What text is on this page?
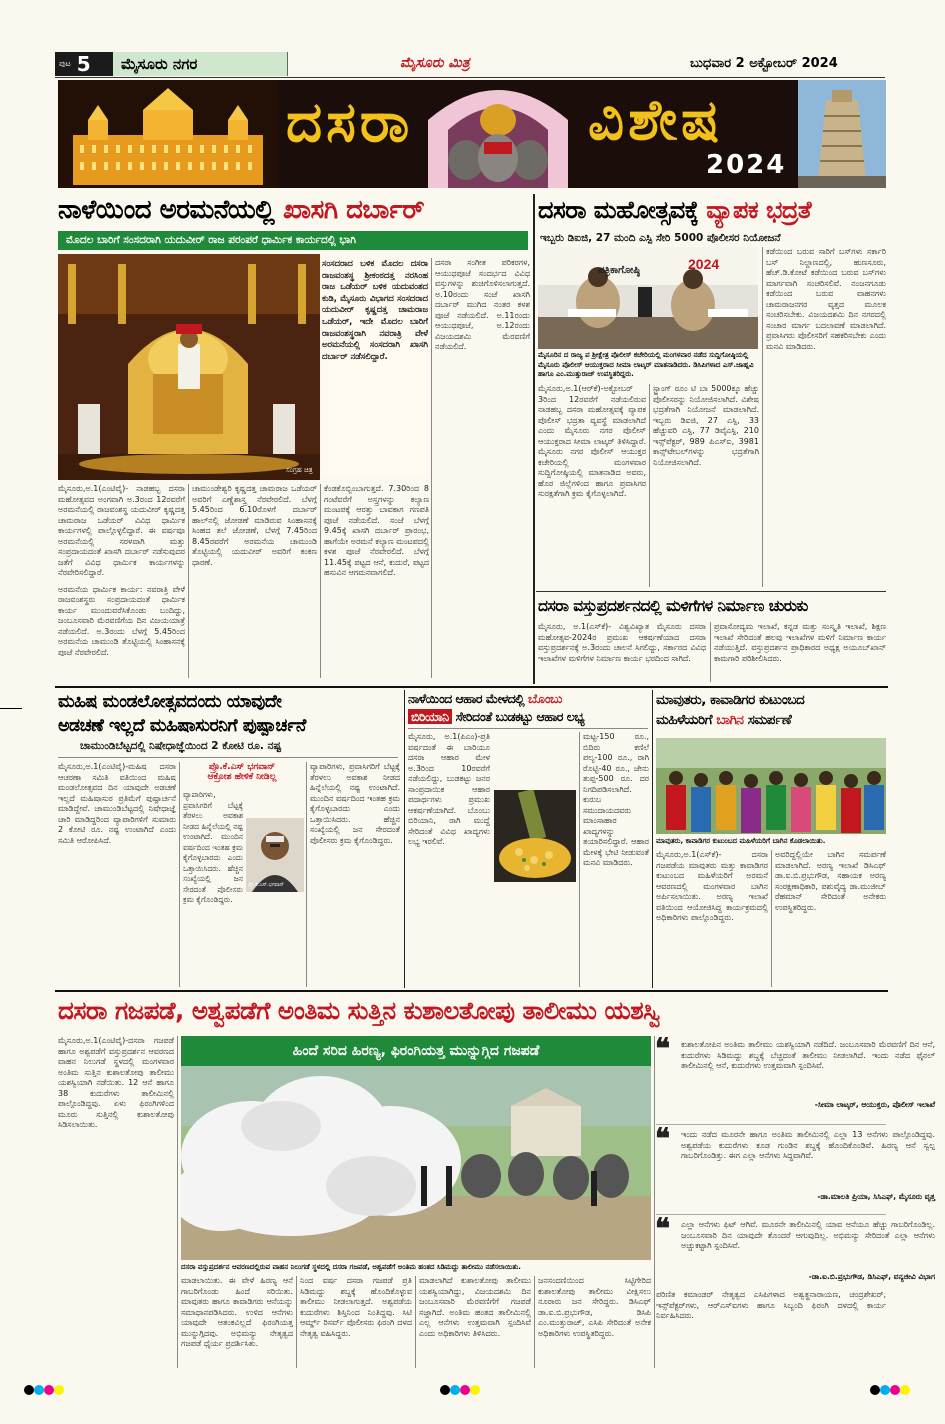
ಪುಟ 5 ಮೈಸೂರು ನಗರ	ಮೈಸೂರು ಮಿತ್ರ	ಬುಧವಾರ 2 ಅಕ್ಟೋಬರ್ 2024
ದಸರಾ	ವಿಶೇಷ
2024
ನಾಳೆಯಿಂದ ಅರಮನೆಯಲ್ಲಿ ಖಾಸಗಿ ದರ್ಬಾರ್
ಮೊದಲ ಬಾರಿಗೆ ಸಂಸದರಾಗಿ ಯದುವೀರ್ ರಾಜ ಪರಂಪರೆ ಧಾರ್ಮಿಕ ಕಾರ್ಯದಲ್ಲಿ ಭಾಗಿ
ಸಂಗ್ರಹ ಚಿತ್ರ
ಸಂಸದರಾದ ಬಳಿಕ ಮೊದಲ ದಸರಾ ರಾಜವಂಶಸ್ಥ ಶ್ರೀಕಂಠದತ್ತ ನರಸಿಂಹ ರಾಜ ಒಡೆಯರ್ ಬಳಿಕ ಯದುವಂಶದ ಕುಡಿ, ಮೈಸೂರು ವಿಭಾಗದ ಸಂಸದರಾದ ಯದುವೀರ್ ಕೃಷ್ಣದತ್ತ ಚಾಮರಾಜ ಒಡೆಯರ್, ಇದೇ ಮೊದಲ ಬಾರಿಗೆ ರಾಜವಂಶಸ್ಥರಾಗಿ ನವರಾತ್ರಿ ವೇಳೆ ಅರಮನೆಯಲ್ಲಿ ಸಂಸದರಾಗಿ ಖಾಸಗಿ ದರ್ಬಾರ್ ನಡೆಸಲಿದ್ದಾರೆ.
ದಸರಾ ಸಂಗೀತ ಪರಿಕರಗಳ, ಆಯುಧಪೂಜೆ ಸಂದರ್ಭದ ವಿವಿಧ ವಸ್ತುಗಳನ್ನು ಶುಚಿಗೊಳಿಸಲಾಗುತ್ತದೆ. ಅ.10ರಂದು ಸಂಜೆ ಖಾಸಗಿ ದರ್ಬಾರ್ ಮುಗಿದ ನಂತರ ಕಳಶ ಪೂಜೆ ನಡೆಯಲಿದೆ. ಅ.11ರಂದು ಆಯುಧಪೂಜೆ, ಅ.12ರಂದು ವಿಜಯದಶಮಿ ಮೆರವಣಿಗೆ ನಡೆಯಲಿದೆ.

ಮೈಸೂರು,ಅ.1(ಎಂಟಿವೈ)- ನಾಡಹಬ್ಬ ದಸರಾ ಮಹೋತ್ಸವದ ಅಂಗವಾಗಿ ಅ.3ರಂದ 12ರವರೆಗೆ ಅರಮನೆಯಲ್ಲಿ ರಾಜವಂಶಸ್ಥ ಯದುವೀರ್ ಕೃಷ್ಣದತ್ತ ಚಾಮರಾಜ ಒಡೆಯರ್ ವಿವಿಧ ಧಾರ್ಮಿಕ ಕಾರ್ಯಗಳಲ್ಲಿ ಪಾಲ್ಗೊಳ್ಳಲಿದ್ದಾರೆ. ಈ ವರ್ಷವೂ ಅರಮನೆಯಲ್ಲಿ ಸರಳವಾಗಿ ಮತ್ತು ಸಂಪ್ರದಾಯದಂತೆ ಖಾಸಗಿ ದರ್ಬಾರ್ ನಡೆಸುವುದರ ಜತೆಗೆ ವಿವಿಧ ಧಾರ್ಮಿಕ ಕಾರ್ಯಗಳನ್ನು ನೆರವೇರಿಸಲಿದ್ದಾರೆ.

ಅರಮನೆಯ ಧಾರ್ಮಿಕ ಕಾರ್ಯ: ನವರಾತ್ರಿ ವೇಳೆ ರಾಜವಂಶಸ್ಥರು ಸಂಪ್ರದಾಯದಂತೆ ಧಾರ್ಮಿಕ ಕಾರ್ಯ ಮುಂದುವರೆಸಿಕೊಂಡು ಬಂದಿದ್ದು, ಜಂಬೂಸವಾರಿ ಮೆರವಣಿಗೆಯ ದಿನ ವಿಜಯಯಾತ್ರೆ ನಡೆಯಲಿದೆ. ಅ.3ರಂದು ಬೆಳಗ್ಗೆ 5.45ರಿಂದ ಅರಮನೆಯ ಚಾಮುಂಡಿ ತೊಟ್ಟಿಯಲ್ಲಿ ಸಿಂಹಾಸನಕ್ಕೆ ಪೂಜೆ ನೆರವೇರಲಿದೆ.

ಚಾಮುಂಡೇಶ್ವರಿ ಕೃಷ್ಣದತ್ತ ಚಾಮರಾಜ ಒಡೆಯರ್ ಅವರಿಗೆ ಎಣ್ಣೆಶಾಸ್ತ್ರ ನೆರವೇರಲಿದೆ. ಬೆಳಗ್ಗೆ 5.45ರಿಂದ 6.10ರೊಳಗೆ ದರ್ಬಾರ್ ಹಾಲ್‌ನಲ್ಲಿ ಜೋಡಣೆ ಮಾಡಿರುವ ಸಿಂಹಾಸನಕ್ಕೆ ಸಿಂಹದ ತಲೆ ಜೋಡಣೆ, ಬೆಳಗ್ಗೆ 7.45ರಿಂದ 8.45ರವರೆಗೆ ಅರಮನೆಯ ಚಾಮುಂಡಿ ತೊಟ್ಟಿಯಲ್ಲಿ ಯದುವೀರ್ ಅವರಿಗೆ ಕಂಕಣ ಧಾರಣೆ.
ಕೆಂಡಕೊಬ್ಬಿಂಬಾಗುತ್ತದೆ. 7.30ರಿಂದ 8 ಗಂಟೆವರೆಗೆ ಅಸ್ತ್ರಗಳನ್ನು ಕಲ್ಯಾಣ ಮಂಟಪಕ್ಕೆ ಆರತ್ತು ಬಾವಕಾಗ ಗಣಪತಿ ಪೂಜೆ ನಡೆಯಲಿದೆ. ಸಂಜೆ ಬೆಳಗ್ಗೆ 9.45ಕ್ಕೆ ಖಾಸಗಿ ದರ್ಬಾರ್ ಪ್ರಾರಂಭ, ಹಾಗೆಯೇ ಅರಮನೆ ಕಲ್ಯಾಣ ಮಂಟಪದಲ್ಲಿ ಕಳಶ ಪೂಜೆ ನೆರವೇರಲಿದೆ. ಬೆಳಗ್ಗೆ 11.45ಕ್ಕೆ ಪಟ್ಟದ ಆನೆ, ಕುದುರೆ, ಪಟ್ಟದ ಹಸುವಿನ ಆಗಮನವಾಗಲಿದೆ.
ದಸರಾ ಮಹೋತ್ಸವಕ್ಕೆ ವ್ಯಾಪಕ ಭದ್ರತೆ
ಇಬ್ಬರು ಡಿಐಜಿ, 27 ಮಂದಿ ಎಸ್ಪಿ ಸೇರಿ 5000 ಪೊಲೀಸರ ನಿಯೋಜನೆ
2024
ಪತ್ರಿಕಾಗೋಷ್ಠಿ
ಮೈಸೂರಿನ ದ ರಾಜ್ಯ ಪ ಶ್ರೀಕ್ಷೇತ್ರ ಪೊಲೀಸ್ ಕಚೇರಿಯಲ್ಲಿ ಮಂಗಳವಾರ ನಡೆದ ಸುದ್ದಿಗೋಷ್ಠಿಯಲ್ಲಿ ಮೈಸೂರು ಪೊಲೀಸ್ ಆಯುಕ್ತರಾದ ಸೀಮಾ ಲಾಟ್ಕರ್ ಮಾತನಾಡಿದರು. ಡಿಸಿಪಿಗಳಾದ ಎಸ್.ಜಾಹ್ನವಿ ಹಾಗೂ ಎಂ.ಮುತ್ತುರಾಜ್ ಉಪಸ್ಥಿತರಿದ್ದರು.
ಕಡೆಯಿಂದ ಬರುವ ಸಾರಿಗೆ ಬಸ್‌ಗಳು ಸರ್ಕಾರಿ ಬಸ್ ನಿಲ್ದಾಣದಲ್ಲಿ, ಹುಣಸೂರು, ಹೆಚ್.ಡಿ.ಕೋಟೆ ಕಡೆಯಿಂದ ಬರುವ ಬಸ್‌ಗಳು ಮಾರ್ಗವಾಗಿ ಸಂಚರಿಸಲಿವೆ. ನಂಜನಗೂಡು ಕಡೆಯಿಂದ ಬರುವ ವಾಹನಗಳು ಚಾಮರಾಜನಗರ ವೃತ್ತದ ಮೂಲಕ ಸಂಚರಿಸಬೇಕು. ವಿಜಯದಶಮಿ ದಿನ ನಗರದಲ್ಲಿ ಸಂಚಾರ ಮಾರ್ಗ ಬದಲಾವಣೆ ಮಾಡಲಾಗಿದೆ. ಪ್ರವಾಸಿಗರು ಪೊಲೀಸರಿಗೆ ಸಹಕರಿಸಬೇಕು ಎಂದು ಮನವಿ ಮಾಡಿದರು.
ಮೈಸೂರು,ಅ.1(ಆರ್‌ಕೆ)-ಅಕ್ಟೋಬರ್ 3ರಿಂದ 12ರವರೆಗೆ ನಡೆಯಲಿರುವ ನಾಡಹಬ್ಬ ದಸರಾ ಮಹೋತ್ಸವಕ್ಕೆ ವ್ಯಾಪಕ ಪೊಲೀಸ್ ಭದ್ರತಾ ವ್ಯವಸ್ಥೆ ಮಾಡಲಾಗಿದೆ ಎಂದು ಮೈಸೂರು ನಗರ ಪೊಲೀಸ್ ಆಯುಕ್ತರಾದ ಸೀಮಾ ಲಾಟ್ಕರ್ ತಿಳಿಸಿದ್ದಾರೆ. ಮೈಸೂರು ನಗರ ಪೊಲೀಸ್ ಆಯುಕ್ತರ ಕಚೇರಿಯಲ್ಲಿ ಮಂಗಳವಾರ ಸುದ್ದಿಗೋಷ್ಠಿಯಲ್ಲಿ ಮಾತನಾಡಿದ ಅವರು, ಹೊರ ಜಿಲ್ಲೆಗಳಿಂದ ಹಾಗೂ ಪ್ರವಾಸಿಗರ ಸುರಕ್ಷತೆಗಾಗಿ ಕ್ರಮ ಕೈಗೊಳ್ಳಲಾಗಿದೆ.
ಸ್ಟ್ರಾಂಗ್ ರೂಂ ಟಿ ಬಾ 5000ಕ್ಕೂ ಹೆಚ್ಚು ಪೊಲೀಸರನ್ನು ನಿಯೋಜಿಸಲಾಗಿದೆ. ವಿಶೇಷ ಭದ್ರತೆಗಾಗಿ ನಿಯೋಜನೆ ಮಾಡಲಾಗಿದೆ. ಇಬ್ಬರು ಡಿಐಜಿ, 27 ಎಸ್ಪಿ, 33 ಹೆಚ್ಚುವರಿ ಎಸ್ಪಿ, 77 ಡಿವೈಎಸ್ಪಿ, 210 ಇನ್ಸ್‌ಪೆಕ್ಟರ್, 989 ಪಿಎಸ್‌ಐ, 3981 ಕಾನ್ಸ್‌ಟೇಬಲ್‌ಗಳನ್ನು ಭದ್ರತೆಗಾಗಿ ನಿಯೋಜಿಸಲಾಗಿದೆ.
ದಸರಾ ವಸ್ತುಪ್ರದರ್ಶನದಲ್ಲಿ ಮಳಿಗೆಗಳ ನಿರ್ಮಾಣ ಚುರುಕು
ಮೈಸೂರು, ಅ.1(ಎಸ್‌ಕೆ)- ವಿಶ್ವವಿಖ್ಯಾತ ಮೈಸೂರು ದಸರಾ ಮಹೋತ್ಸವ-2024ರ ಪ್ರಮುಖ ಆಕರ್ಷಣೆಯಾದ ದಸರಾ ವಸ್ತುಪ್ರದರ್ಶನಕ್ಕೆ ಅ.3ರಂದು ಚಾಲನೆ ಸಿಗಲಿದ್ದು, ಸರ್ಕಾರದ ವಿವಿಧ ಇಲಾಖೆಗಳ ಮಳಿಗೆಗಳ ನಿರ್ಮಾಣ ಕಾರ್ಯ ಭರದಿಂದ ಸಾಗಿದೆ.
ಪ್ರವಾಸೋದ್ಯಮ ಇಲಾಖೆ, ಕನ್ನಡ ಮತ್ತು ಸಂಸ್ಕೃತಿ ಇಲಾಖೆ, ಶಿಕ್ಷಣ ಇಲಾಖೆ ಸೇರಿದಂತೆ ಹಲವು ಇಲಾಖೆಗಳ ಮಳಿಗೆ ನಿರ್ಮಾಣ ಕಾರ್ಯ ನಡೆಯುತ್ತಿದೆ. ವಸ್ತುಪ್ರದರ್ಶನ ಪ್ರಾಧಿಕಾರದ ಅಧ್ಯಕ್ಷ ಅಯೂಬ್‌ಖಾನ್ ಕಾಮಗಾರಿ ಪರಿಶೀಲಿಸಿದರು.
ಮಹಿಷ ಮಂಡಲೋತ್ಸವದಂದು ಯಾವುದೇ
ಅಡಚಣೆ ಇಲ್ಲದೆ ಮಹಿಷಾಸುರನಿಗೆ ಪುಷ್ಪಾರ್ಚನೆ
ಚಾಮುಂಡಿಬೆಟ್ಟದಲ್ಲಿ ನಿಷೇಧಾಜ್ಞೆಯಿಂದ 2 ಕೋಟಿ ರೂ. ನಷ್ಟ
ಪ್ರೊ.ಕೆ.ಎಸ್ ಭಗವಾನ್
ಆಕ್ರೋಶ ಹೇಳಿಕೆ ನೀಡಿಲ್ಲ
ಪ್ರೊ.ಕೆ.ಎಸ್.ಭಗವಾನ್
ಮೈಸೂರು,ಅ.1(ಎಂಟಿವೈ)-ಮಹಿಷ ದಸರಾ ಆಚರಣಾ ಸಮಿತಿ ವತಿಯಿಂದ ಮಹಿಷ ಮಂಡಲೋತ್ಸವದ ದಿನ ಯಾವುದೇ ಅಡಚಣೆ ಇಲ್ಲದೆ ಮಹಿಷಾಸುರ ಪ್ರತಿಮೆಗೆ ಪುಷ್ಪಾರ್ಚನೆ ಮಾಡಿದ್ದೇವೆ. ಚಾಮುಂಡಿಬೆಟ್ಟದಲ್ಲಿ ನಿಷೇಧಾಜ್ಞೆ ಜಾರಿ ಮಾಡಿದ್ದರಿಂದ ವ್ಯಾಪಾರಿಗಳಿಗೆ ಸುಮಾರು 2 ಕೋಟಿ ರೂ. ನಷ್ಟ ಉಂಟಾಗಿದೆ ಎಂದು ಸಮಿತಿ ಆರೋಪಿಸಿದೆ.
ವ್ಯಾಪಾರಿಗಳು, ಪ್ರವಾಸಿಗರಿಗೆ ಬೆಟ್ಟಕ್ಕೆ ತೆರಳಲು ಅವಕಾಶ ನೀಡದ ಹಿನ್ನೆಲೆಯಲ್ಲಿ ನಷ್ಟ ಉಂಟಾಗಿದೆ. ಮುಂದಿನ ವರ್ಷದಿಂದ ಇಂತಹ ಕ್ರಮ ಕೈಗೊಳ್ಳಬಾರದು ಎಂದು ಒತ್ತಾಯಿಸಿದರು. ಹೆಚ್ಚಿನ ಸಂಖ್ಯೆಯಲ್ಲಿ ಜನ ಸೇರದಂತೆ ಪೊಲೀಸರು ಕ್ರಮ ಕೈಗೊಂಡಿದ್ದರು.
ವ್ಯಾಪಾರಿಗಳು, ಪ್ರವಾಸಿಗರಿಗೆ ಬೆಟ್ಟಕ್ಕೆ ತೆರಳಲು ಅವಕಾಶ ನೀಡದ ಹಿನ್ನೆಲೆಯಲ್ಲಿ ನಷ್ಟ ಉಂಟಾಗಿದೆ. ಮುಂದಿನ ವರ್ಷದಿಂದ ಇಂತಹ ಕ್ರಮ ಕೈಗೊಳ್ಳಬಾರದು ಎಂದು ಒತ್ತಾಯಿಸಿದರು. ಹೆಚ್ಚಿನ ಸಂಖ್ಯೆಯಲ್ಲಿ ಜನ ಸೇರದಂತೆ ಪೊಲೀಸರು ಕ್ರಮ ಕೈಗೊಂಡಿದ್ದರು.
ನಾಳೆಯಿಂದ ಆಹಾರ ಮೇಳದಲ್ಲಿ ಬೊಂಬು
ಬಿರಿಯಾನಿ ಸೇರಿದಂತೆ ಬುಡಕಟ್ಟು ಆಹಾರ ಲಭ್ಯ
ಮೈಸೂರು, ಅ.1(ಪಿಎಂ)-ಪ್ರತಿ ವರ್ಷದಂತೆ ಈ ಬಾರಿಯೂ ದಸರಾ ಆಹಾರ ಮೇಳ ಅ.3ರಿಂದ 10ರವರೆಗೆ ನಡೆಯಲಿದ್ದು, ಬುಡಕಟ್ಟು ಜನರ ಸಾಂಪ್ರದಾಯಿಕ ಆಹಾರ ಪದಾರ್ಥಗಳು ಪ್ರಮುಖ ಆಕರ್ಷಣೆಯಾಗಿದೆ. ಬೊಂಬು ಬಿರಿಯಾನಿ, ರಾಗಿ ಮುದ್ದೆ ಸೇರಿದಂತೆ ವಿವಿಧ ಖಾದ್ಯಗಳು ಲಭ್ಯ ಇರಲಿವೆ.
ಮಟ್ಟ-150 ರೂ., ಬಿದಿರು ಕಣಿಲೆ ಪಲ್ಯ-100 ರೂ., ರಾಗಿ ರೊಟ್ಟಿ-40 ರೂ., ಜೇನು ತುಪ್ಪ-500 ರೂ. ದರ ನಿಗದಿಪಡಿಸಲಾಗಿದೆ. ಕುರುಬ ಸಮುದಾಯದವರು ಮಾಂಸಾಹಾರ ಖಾದ್ಯಗಳನ್ನು ತಯಾರಿಸಲಿದ್ದಾರೆ. ಆಹಾರ ಮೇಳಕ್ಕೆ ಭೇಟಿ ನೀಡುವಂತೆ ಮನವಿ ಮಾಡಿದರು.
ಮಾವುತರು, ಕಾವಾಡಿಗರ ಕುಟುಂಬದ
ಮಹಿಳೆಯರಿಗೆ ಬಾಗಿನ ಸಮರ್ಪಣೆ
ಮಾವುತರು, ಕಾವಾಡಿಗರ ಕುಟುಂಬದ ಮಹಿಳೆಯರಿಗೆ ಬಾಗಿನ ಕೊಡಲಾಯಿತು.
ಮೈಸೂರು,ಅ.1(ಎಸ್‌ಕೆ)- ದಸರಾ ಗಜಪಡೆಯ ಮಾವುತರು ಮತ್ತು ಕಾವಾಡಿಗರ ಕುಟುಂಬದ ಮಹಿಳೆಯರಿಗೆ ಅರಮನೆ ಆವರಣದಲ್ಲಿ ಮಂಗಳವಾರ ಬಾಗಿನ ಅರ್ಪಿಸಲಾಯಿತು. ಅರಣ್ಯ ಇಲಾಖೆ ವತಿಯಿಂದ ಆಯೋಜಿಸಿದ್ದ ಕಾರ್ಯಕ್ರಮದಲ್ಲಿ ಅಧಿಕಾರಿಗಳು ಪಾಲ್ಗೊಂಡಿದ್ದರು.
ಅವರಿದ್ದಲ್ಲಿಯೇ ಬಾಗಿನ ಸಮರ್ಪಣೆ ಮಾಡಲಾಗಿದೆ. ಅರಣ್ಯ ಇಲಾಖೆ ಡಿಸಿಎಫ್ ಡಾ.ಐ.ಬಿ.ಪ್ರಭುಗೌಡ, ಸಹಾಯಕ ಅರಣ್ಯ ಸಂರಕ್ಷಣಾಧಿಕಾರಿ, ಪಶುವೈದ್ಯ ಡಾ.ಮುಜೀಬ್ ರೆಹಮಾನ್ ಸೇರಿದಂತೆ ಅನೇಕರು ಉಪಸ್ಥಿತರಿದ್ದರು.
ದಸರಾ ಗಜಪಡೆ, ಅಶ್ವಪಡೆಗೆ ಅಂತಿಮ ಸುತ್ತಿನ ಕುಶಾಲತೋಪು ತಾಲೀಮು ಯಶಸ್ವಿ
ಮೈಸೂರು,ಅ.1(ಎಂಟಿವೈ)-ದಸರಾ ಗಜಪಡೆ ಹಾಗೂ ಅಶ್ವಪಡೆಗೆ ವಸ್ತುಪ್ರದರ್ಶನ ಆವರಣದ ವಾಹನ ನಿಲುಗಡೆ ಸ್ಥಳದಲ್ಲಿ ಮಂಗಳವಾರ ಅಂತಿಮ ಸುತ್ತಿನ ಕುಶಾಲತೋಪು ತಾಲೀಮು ಯಶಸ್ವಿಯಾಗಿ ನಡೆಯಿತು. 12 ಆನೆ ಹಾಗೂ 38 ಕುದುರೆಗಳು ತಾಲೀಮಿನಲ್ಲಿ ಪಾಲ್ಗೊಂಡಿದ್ದವು. ಏಳು ಫಿರಂಗಿಗಳಿಂದ ಮೂರು ಸುತ್ತಿನಲ್ಲಿ ಕುಶಾಲತೋಪು ಸಿಡಿಸಲಾಯಿತು.
ಹಿಂದೆ ಸರಿದ ಹಿರಣ್ಯ, ಫಿರಂಗಿಯತ್ತ ಮುನ್ನುಗ್ಗಿದ ಗಜಪಡೆ
ದಸರಾ ವಸ್ತುಪ್ರದರ್ಶನ ಆವರಣದಲ್ಲಿರುವ ವಾಹನ ನಿಲುಗಡೆ ಸ್ಥಳದಲ್ಲಿ ದಸರಾ ಗಜಪಡೆ, ಅಶ್ವಪಡೆಗೆ ಅಂತಿಮ ಹಂತದ ಸಿಡಿಮದ್ದು ತಾಲೀಮು ನಡೆಸಲಾಯಿತು.
ಮಾಡಲಾಯಿತು. ಈ ವೇಳೆ ಹಿರಣ್ಯ ಆನೆ ಗಾಬರಿಗೊಂಡು ಹಿಂದೆ ಸರಿಯಿತು. ಮಾವುತರು ಹಾಗೂ ಕಾವಾಡಿಗರು ಆನೆಯನ್ನು ಸಮಾಧಾನಪಡಿಸಿದರು. ಉಳಿದ ಆನೆಗಳು ಯಾವುದೇ ಆತಂಕವಿಲ್ಲದೆ ಫಿರಂಗಿಯತ್ತ ಮುನ್ನುಗ್ಗಿದವು. ಅಭಿಮನ್ಯು ನೇತೃತ್ವದ ಗಜಪಡೆ ಧೈರ್ಯ ಪ್ರದರ್ಶಿಸಿತು.
ನಿಂದ ವರ್ಷ ದಸರಾ ಗಜಪಡೆ ಪ್ರತಿ ಸಿಡಿಮದ್ದು ಶಬ್ದಕ್ಕೆ ಹೊಂದಿಕೊಳ್ಳುವ ತಾಲೀಮು ನೀಡಲಾಗುತ್ತದೆ. ಅಶ್ವಪಡೆಯ ಕುದುರೆಗಳು ಶಿಸ್ತಿನಿಂದ ನಿಂತಿದ್ದವು. ಸಿಟಿ ಆರ್ಮ್ಡ್ ರಿಸರ್ವ್ ಪೊಲೀಸರು ಫಿರಂಗಿ ದಳದ ನೇತೃತ್ವ ವಹಿಸಿದ್ದರು.
ಮಾಡಲಾಗಿದೆ ಕುಶಾಲತೋಪು ತಾಲೀಮು ಯಶಸ್ವಿಯಾಗಿದ್ದು, ವಿಜಯದಶಮಿ ದಿನ ಜಂಬೂಸವಾರಿ ಮೆರವಣಿಗೆಗೆ ಗಜಪಡೆ ಸಜ್ಜಾಗಿದೆ. ಅಂತಿಮ ಹಂತದ ತಾಲೀಮಿನಲ್ಲಿ ಎಲ್ಲ ಆನೆಗಳು ಉತ್ತಮವಾಗಿ ಸ್ಪಂದಿಸಿವೆ ಎಂದು ಅಧಿಕಾರಿಗಳು ತಿಳಿಸಿದರು.
ಜನಸಂದಣಿಯಿಂದ ಸಿಟ್ಟಿಗೇರಿದ ಕುಶಾಲತೋಪು ತಾಲೀಮು ವೀಕ್ಷಿಸಲು ನೂರಾರು ಜನ ಸೇರಿದ್ದರು. ಡಿಸಿಎಫ್ ಡಾ.ಐ.ಬಿ.ಪ್ರಭುಗೌಡ, ಡಿಸಿಪಿ ಎಂ.ಮುತ್ತುರಾಜ್, ಎಸಿಪಿ ಸೇರಿದಂತೆ ಅನೇಕ ಅಧಿಕಾರಿಗಳು ಉಪಸ್ಥಿತರಿದ್ದರು.
❝	ಕುಶಾಲತೋಪಿನ ಅಂತಿಮ ತಾಲೀಮು ಯಶಸ್ವಿಯಾಗಿ ನಡೆದಿದೆ. ಜಂಬೂಸವಾರಿ ಮೆರವಣಿಗೆ ದಿನ ಆನೆ, ಕುದುರೆಗಳು ಸಿಡಿಮದ್ದು ಶಬ್ದಕ್ಕೆ ಬೆಚ್ಚದಂತೆ ತಾಲೀಮು ನೀಡಲಾಗಿದೆ. ಇಂದು ನಡೆದ ಫೈನಲ್ ತಾಲೀಮಿನಲ್ಲಿ ಆನೆ, ಕುದುರೆಗಳು ಉತ್ತಮವಾಗಿ ಸ್ಪಂದಿಸಿವೆ.
-ಸೀಮಾ ಲಾಟ್ಕರ್, ಆಯುಕ್ತರು, ಪೊಲೀಸ್ ಇಲಾಖೆ
❝	ಇಂದು ನಡೆದ ಮೂರನೇ ಹಾಗೂ ಅಂತಿಮ ತಾಲೀಮಿನಲ್ಲಿ ಎಲ್ಲಾ 13 ಆನೆಗಳು ಪಾಲ್ಗೊಂಡಿದ್ದವು. ಅಶ್ವಪಡೆಯ ಕುದುರೆಗಳು ಕೂಡ ಗುಂಡಿನ ಶಬ್ದಕ್ಕೆ ಹೊಂದಿಕೊಂಡಿವೆ. ಹಿರಣ್ಯ ಆನೆ ಸ್ವಲ್ಪ ಗಾಬರಿಗೊಂಡಿತ್ತು. ಈಗ ಎಲ್ಲಾ ಆನೆಗಳು ಸಿದ್ಧವಾಗಿವೆ.
-ಡಾ.ಮಾಲತಿ ಪ್ರಿಯಾ, ಸಿಸಿಎಫ್, ಮೈಸೂರು ವೃತ್ತ
❝	ಎಲ್ಲಾ ಆನೆಗಳು ಫಿಟ್ ಆಗಿವೆ. ಮೂರನೇ ತಾಲೀಮಿನಲ್ಲಿ ಯಾವ ಆನೆಯೂ ಹೆಚ್ಚು ಗಾಬರಿಗೊಂಡಿಲ್ಲ. ಜಂಬೂಸವಾರಿ ದಿನ ಯಾವುದೇ ತೊಂದರೆ ಆಗುವುದಿಲ್ಲ. ಅಭಿಮನ್ಯು ಸೇರಿದಂತೆ ಎಲ್ಲಾ ಆನೆಗಳು ಅಚ್ಚುಕಟ್ಟಾಗಿ ಸ್ಪಂದಿಸಿವೆ.
-ಡಾ.ಐ.ಬಿ.ಪ್ರಭುಗೌಡ, ಡಿಸಿಎಫ್, ವನ್ಯಜೀವಿ ವಿಭಾಗ
ಪರಿಣಿತ ಕಮಾಂಡರ್ ನೇತೃತ್ವದ ಎಸಿಪಿಗಳಾದ ಅಶ್ವತ್ಥನಾರಾಯಣ, ಚಂದ್ರಶೇಖರ್, ಇನ್ಸ್‌ಪೆಕ್ಟರ್‌ಗಳು, ಆರ್‌ಎಸ್‌ಐಗಳು ಹಾಗೂ ಸಿಬ್ಬಂದಿ ಫಿರಂಗಿ ದಳದಲ್ಲಿ ಕಾರ್ಯ ನಿರ್ವಹಿಸಿದರು.
